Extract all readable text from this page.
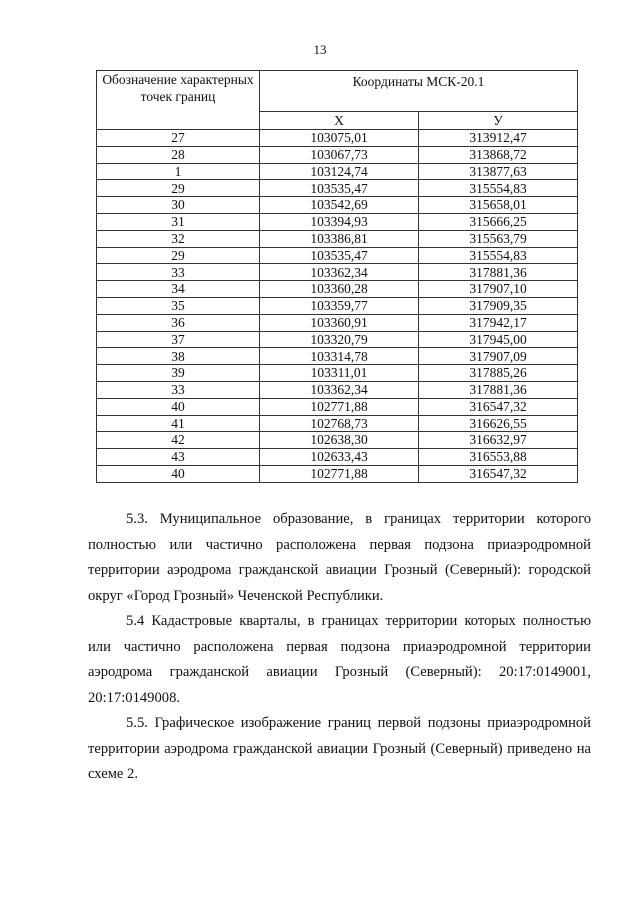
13
Обозначение характерных точек границ	Координаты МСК-20.1	
	Х	У
27	103075,01	313912,47
28	103067,73	313868,72
1	103124,74	313877,63
29	103535,47	315554,83
30	103542,69	315658,01
31	103394,93	315666,25
32	103386,81	315563,79
29	103535,47	315554,83
33	103362,34	317881,36
34	103360,28	317907,10
35	103359,77	317909,35
36	103360,91	317942,17
37	103320,79	317945,00
38	103314,78	317907,09
39	103311,01	317885,26
33	103362,34	317881,36
40	102771,88	316547,32
41	102768,73	316626,55
42	102638,30	316632,97
43	102633,43	316553,88
40	102771,88	316547,32

5.3. Муниципальное образование, в границах территории которого полностью или частично расположена первая подзона приаэродромной территории аэродрома гражданской авиации Грозный (Северный): городской округ «Город Грозный» Чеченской Республики.

5.4 Кадастровые кварталы, в границах территории которых полностью или частично расположена первая подзона приаэродромной территории аэродрома гражданской авиации Грозный (Северный): 20:17:0149001, 20:17:0149008.

5.5. Графическое изображение границ первой подзоны приаэродромной территории аэродрома гражданской авиации Грозный (Северный) приведено на схеме 2.
